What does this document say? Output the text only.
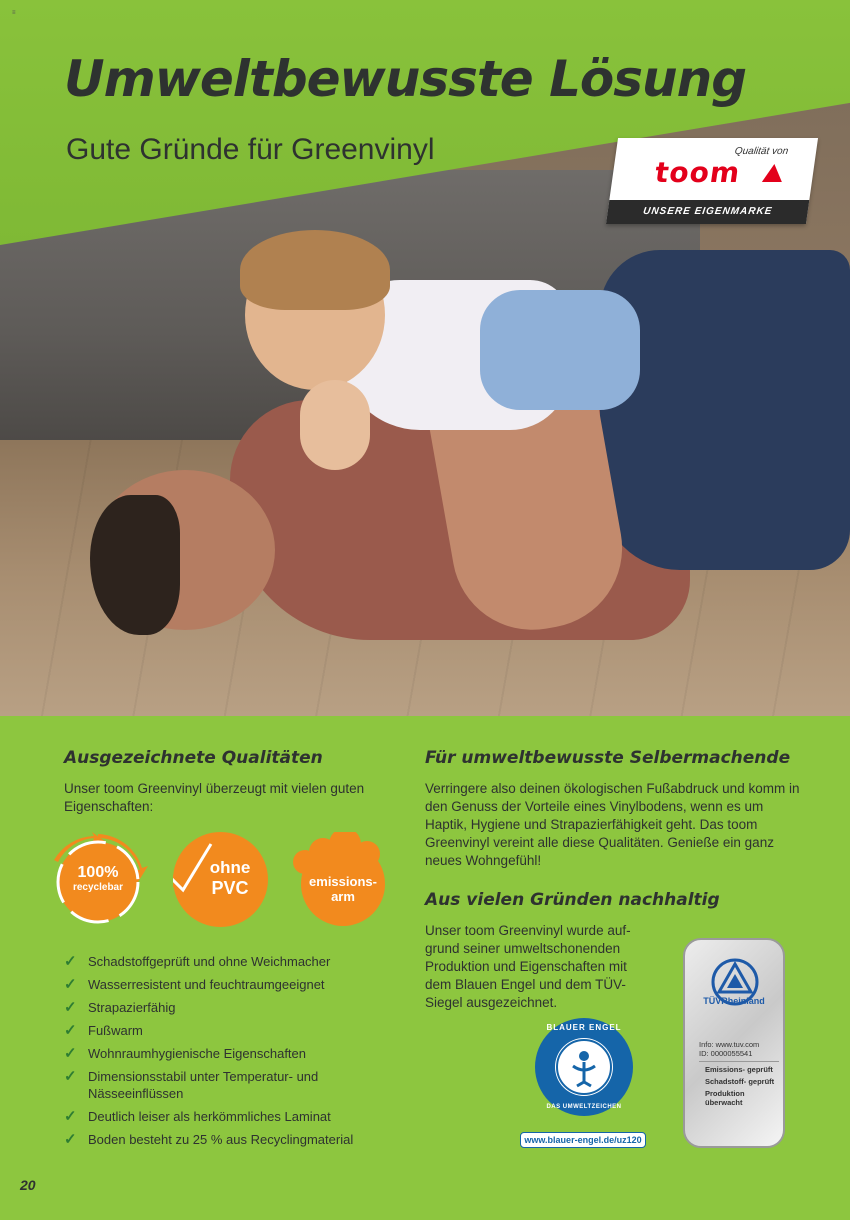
≡
Umweltbewusste Lösung
Gute Gründe für Greenvinyl	Qualität von
toom
UNSERE EIGENMARKE
Ausgezeichnete Qualitäten

Unser toom Greenvinyl überzeugt mit vielen guten Eigenschaften:

100%
recyclebar
ohne
PVC	emissions-
arm
✓ Schadstoffgeprüft und ohne Weichmacher
✓ Wasserresistent und feuchtraumgeeignet
✓ Strapazierfähig
✓ Fußwarm
✓ Wohnraumhygienische Eigenschaften
✓ Dimensionsstabil unter Temperatur- und Nässeeinflüssen
✓ Deutlich leiser als herkömmliches Laminat
✓ Boden besteht zu 25 % aus Recyclingmaterial
Für umweltbewusste Selbermachende

Verringere also deinen ökologischen Fußabdruck und komm in den Genuss der Vorteile eines Vinylbodens, wenn es um Haptik, Hygiene und Strapazierfähigkeit geht. Das toom Greenvinyl vereint alle diese Qualitäten. Genieße ein ganz neues Wohngefühl!

Aus vielen Gründen nachhaltig

Unser toom Greenvinyl wurde auf- grund seiner umweltschonenden Produktion und Eigenschaften mit dem Blauen Engel und dem TÜV- Siegel ausgezeichnet.

BLAUER ENGEL
DAS UMWELTZEICHEN
www.blauer-engel.de/uz120
TÜVRheinland
Info: www.tuv.com
ID: 0000055541
Emissions- geprüft
Schadstoff- geprüft
Produktion überwacht
20
